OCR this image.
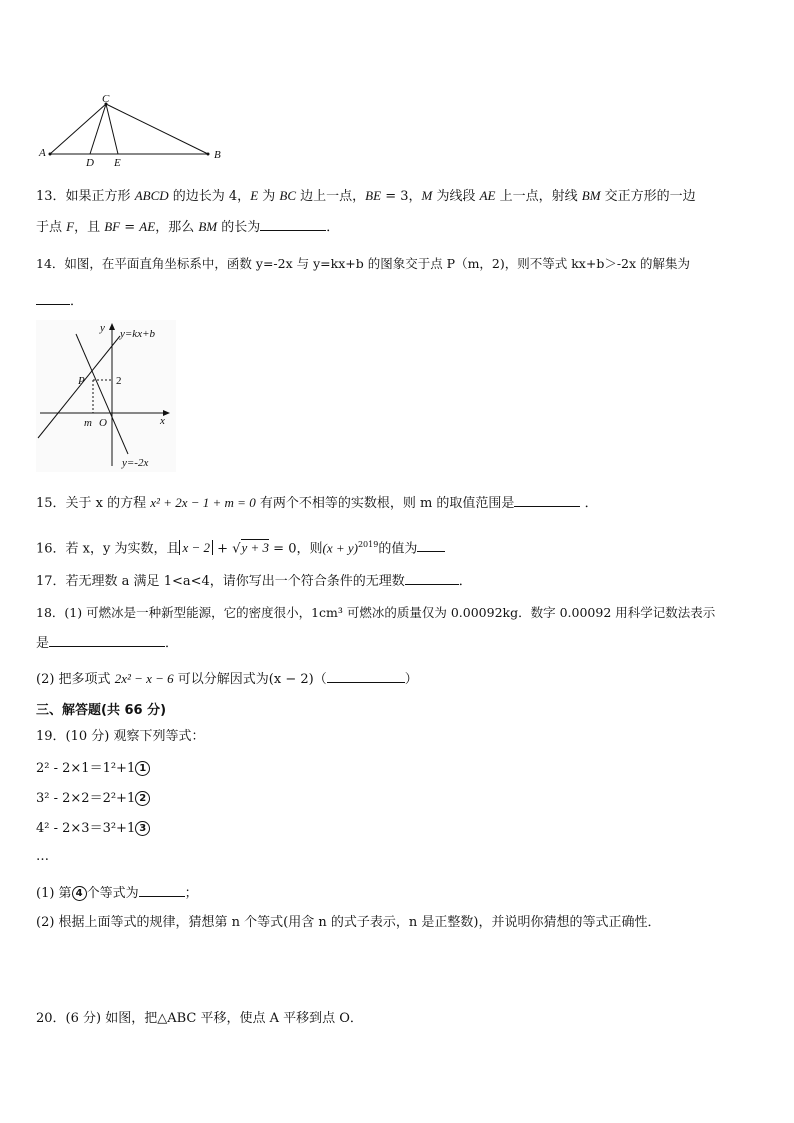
C
A
D E
B
13．如果正方形 ABCD 的边长为 4，E 为 BC 边上一点，BE = 3，M 为线段 AE 上一点，射线 BM 交正方形的一边
于点 F，且 BF = AE，那么 BM 的长为	．
14．如图，在平面直角坐标系中，函数 y=-2x 与 y=kx+b 的图象交于点 P（m，2)，则不等式 kx+b＞-2x 的解集为
．
y
x
y=kx+b
y=-2x
P	2
m O
15．关于 x 的方程 x² + 2x − 1 + m = 0 有两个不相等的实数根，则 m 的取值范围是	．
16．若 x，y 为实数，且 x − 2 + √y + 3 = 0，则$(x + y)^{2019}$的值为
17．若无理数 a 满足 1<a<4，请你写出一个符合条件的无理数	．
18．(1) 可燃冰是一种新型能源，它的密度很小，1cm³ 可燃冰的质量仅为 0.00092kg．数字 0.00092 用科学记数法表示
是	．
(2) 把多项式 2x² − x − 6 可以分解因式为(x − 2)（	）
三、解答题(共 66 分)
19．(10 分) 观察下列等式：
2² - 2×1＝1²+1 1
3² - 2×2＝2²+1 2
4² - 2×3＝3²+1 3
…
(1) 第 4 个等式为	；
(2) 根据上面等式的规律，猜想第 n 个等式(用含 n 的式子表示，n 是正整数)，并说明你猜想的等式正确性．
20．(6 分) 如图，把△ABC 平移，使点 A 平移到点 O．
